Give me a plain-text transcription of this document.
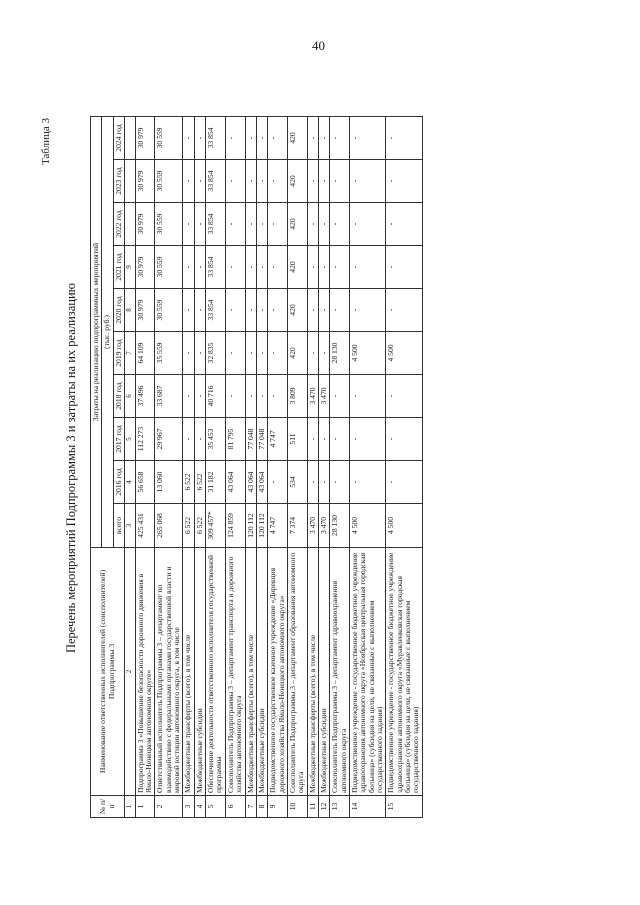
40
Таблица 3
Перечень мероприятий Подпрограммы 3 и затраты на их реализацию
№ п/п	Наименование ответственных исполнителей (соисполнителей) Подпрограммы 3	Затраты на реализацию подпрограммных мероприятий									
		(тыс. руб.)									
		всего	2016 год	2017 год	2018 год	2019 год	2020 год	2021 год	2022 год	2023 год	2024 год
1	2	3	4	5	6	7	8	9			
1	Подпрограмма 3 «Повышение безопасности дорожного движения в Ямало-Ненецком автономном округе»	425 431	56 658	112 273	37 496	64 109	30 979	30 979	30 979	30 979	30 979
2	Ответственный исполнитель Подпрограммы 3 – департамент по взаимодействию с федеральными органами государственной власти и мировой юстиции автономного округа, в том числе	265 068	13 060	29 967	33 687	35 559	30 559	30 559	30 559	30 559	30 559
3	Межбюджетные трансферты (всего), в том числе	6 522	6 522	-	-	-	-	-	-	-	-
4	Межбюджетные субсидии	6 522	6 522	-	-	-	-	-	-	-	-
5	Обеспечение деятельности ответственного исполнителя государственной программы	309 457*	31 182	35 453	40 716	32 835	33 854	33 854	33 854	33 854	33 854
6	Соисполнитель Подпрограммы 3 – департамент транспорта и дорожного хозяйства автономного округа	124 859	43 064	81 795	-	-	-	-	-	-	-
7	Межбюджетные трансферты (всего), в том числе	120 112	43 064	77 048	-	-	-	-	-	-	-
8	Межбюджетные субсидии	120 112	43 064	77 048	-	-	-	-	-	-	-
9	Подведомственное государственное казенное учреждение «Дирекция дорожного хозяйства Ямало-Ненецкого автономного округа»	4 747	-	4 747	-	-	-	-	-	-	-
10	Соисполнитель Подпрограммы 3 – департамент образования автономного округа	7 374	534	511	3 809	420	420	420	420	420	420
11	Межбюджетные трансферты (всего), в том числе	3 470	-	-	3 470	-	-	-	-	-	-
12	Межбюджетные субсидии	3 470	-	-	3 470	-	-	-	-	-	-
13	Соисполнитель Подпрограммы 3 – департамент здравоохранения автономного округа	28 130	-	-	-	28 130	-	-	-	-	-
14	Подведомственное учреждение - государственное бюджетное учреждение здравоохранения автономного округа «Ноябрьская центральная городская больница» (субсидия на цели, не связанные с выполнением государственного задания)	4 500	-	-	-	4 500	-	-	-	-	-
15	Подведомственное учреждение - государственное бюджетное учреждение здравоохранения автономного округа «Муравленковская городская больница» (субсидия на цели, не связанные с выполнением государственного задания)	4 500	-	-	-	4 500	-	-	-	-	-
